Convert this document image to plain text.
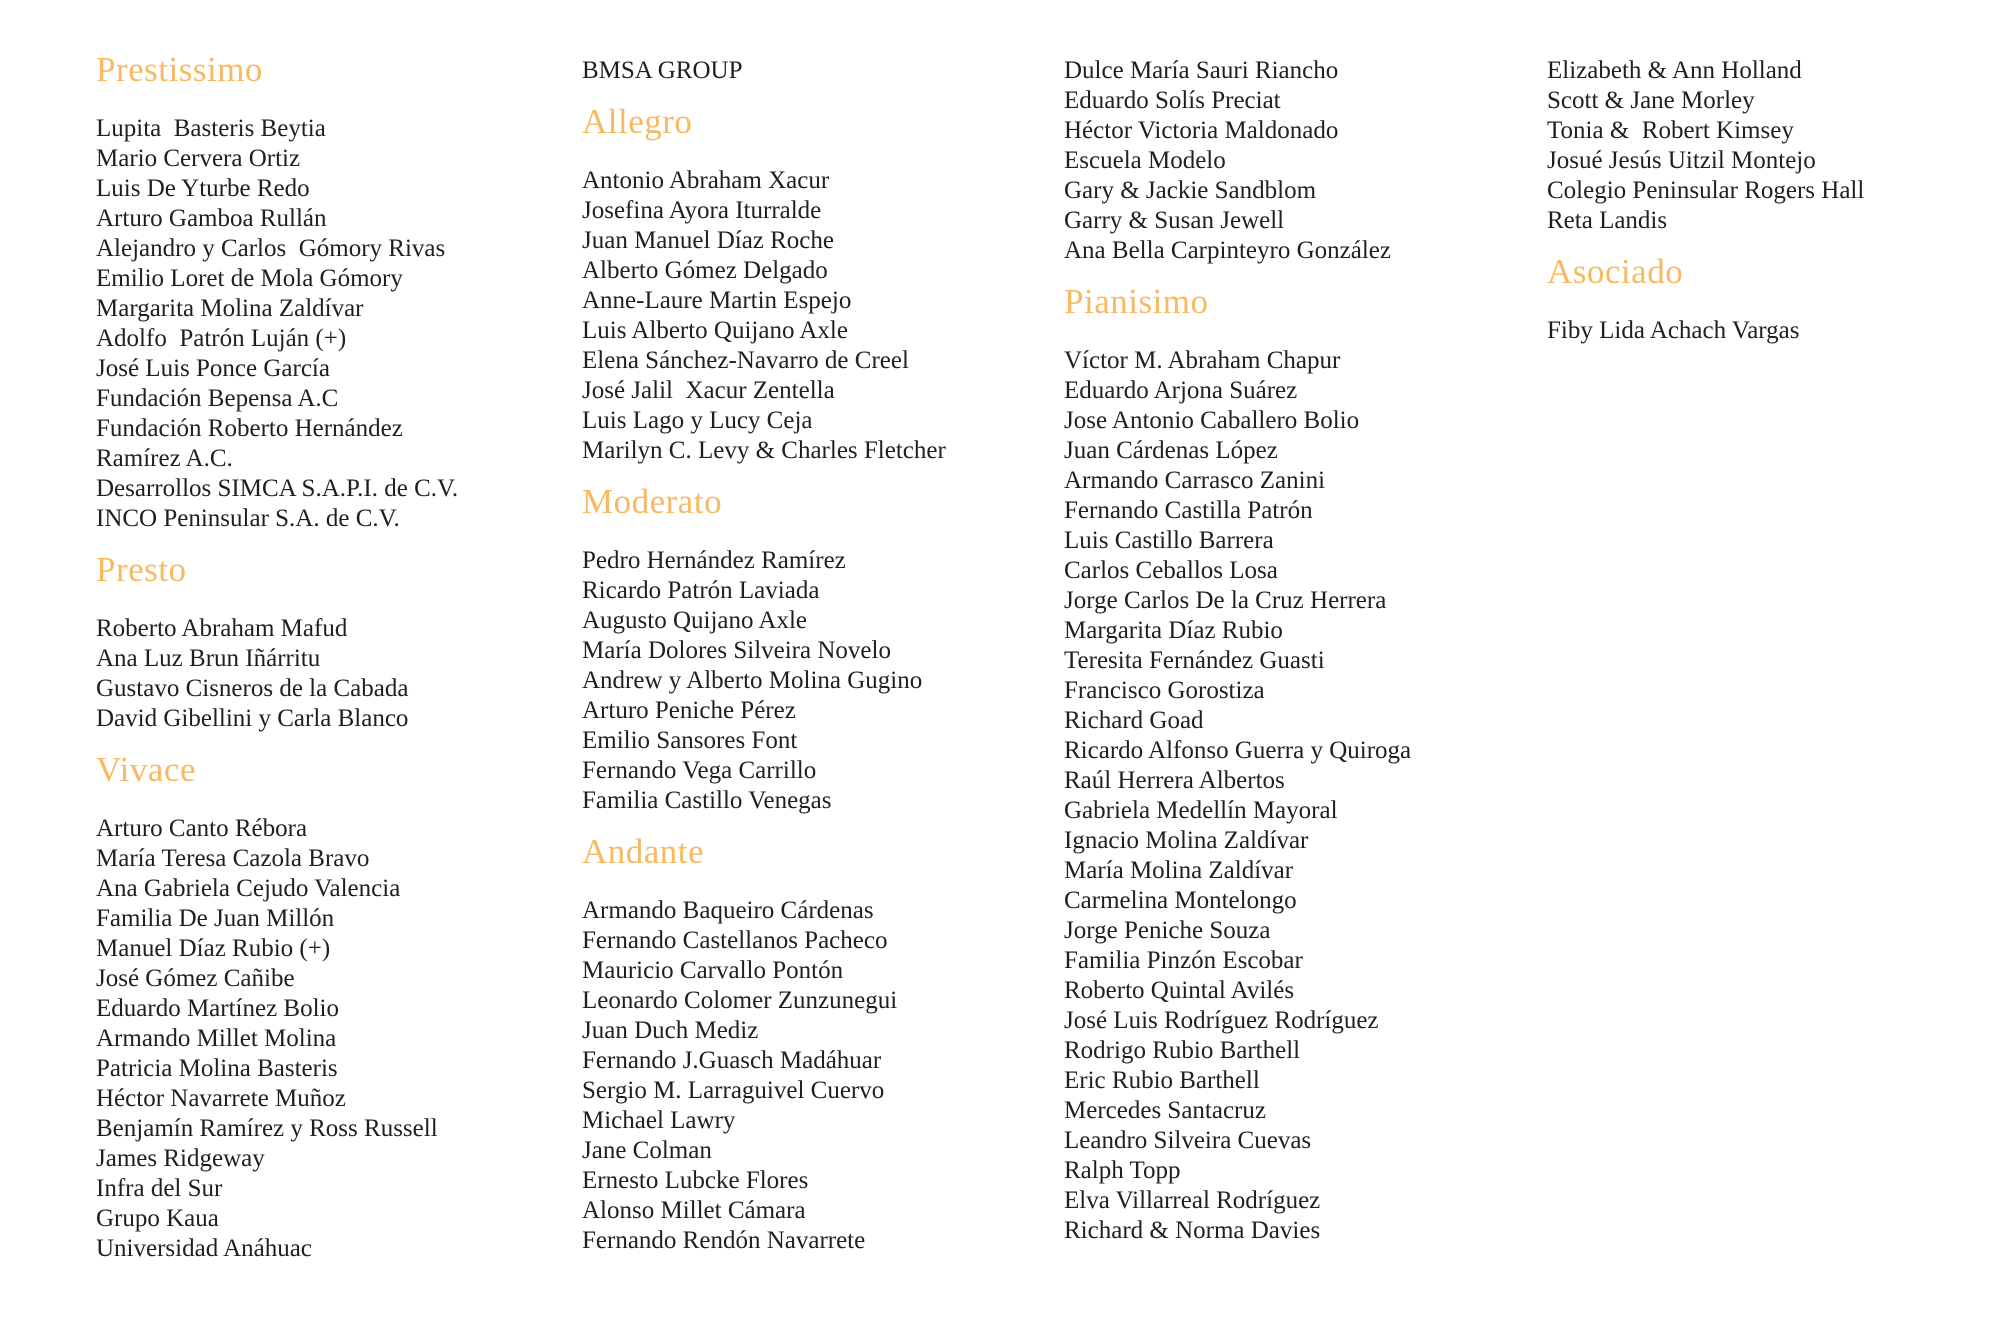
Prestissimo
Lupita  Basteris Beytia
Mario Cervera Ortiz
Luis De Yturbe Redo
Arturo Gamboa Rullán
Alejandro y Carlos  Gómory Rivas
Emilio Loret de Mola Gómory
Margarita Molina Zaldívar
Adolfo  Patrón Luján (+)
José Luis Ponce García
Fundación Bepensa A.C
Fundación Roberto Hernández
Ramírez A.C.
Desarrollos SIMCA S.A.P.I. de C.V.
INCO Peninsular S.A. de C.V.
Presto
Roberto Abraham Mafud
Ana Luz Brun Iñárritu
Gustavo Cisneros de la Cabada
David Gibellini y Carla Blanco
Vivace
Arturo Canto Rébora
María Teresa Cazola Bravo
Ana Gabriela Cejudo Valencia
Familia De Juan Millón
Manuel Díaz Rubio (+)
José Gómez Cañibe
Eduardo Martínez Bolio
Armando Millet Molina
Patricia Molina Basteris
Héctor Navarrete Muñoz
Benjamín Ramírez y Ross Russell
James Ridgeway
Infra del Sur
Grupo Kaua
Universidad Anáhuac
BMSA GROUP
Allegro
Antonio Abraham Xacur
Josefina Ayora Iturralde
Juan Manuel Díaz Roche
Alberto Gómez Delgado
Anne-Laure Martin Espejo
Luis Alberto Quijano Axle
Elena Sánchez-Navarro de Creel
José Jalil  Xacur Zentella
Luis Lago y Lucy Ceja
Marilyn C. Levy & Charles Fletcher
Moderato
Pedro Hernández Ramírez
Ricardo Patrón Laviada
Augusto Quijano Axle
María Dolores Silveira Novelo
Andrew y Alberto Molina Gugino
Arturo Peniche Pérez
Emilio Sansores Font
Fernando Vega Carrillo
Familia Castillo Venegas
Andante
Armando Baqueiro Cárdenas
Fernando Castellanos Pacheco
Mauricio Carvallo Pontón
Leonardo Colomer Zunzunegui
Juan Duch Mediz
Fernando J.Guasch Madáhuar
Sergio M. Larraguivel Cuervo
Michael Lawry
Jane Colman
Ernesto Lubcke Flores
Alonso Millet Cámara
Fernando Rendón Navarrete
Dulce María Sauri Riancho
Eduardo Solís Preciat
Héctor Victoria Maldonado
Escuela Modelo
Gary & Jackie Sandblom
Garry & Susan Jewell
Ana Bella Carpinteyro González
Pianisimo
Víctor M. Abraham Chapur
Eduardo Arjona Suárez
Jose Antonio Caballero Bolio
Juan Cárdenas López
Armando Carrasco Zanini
Fernando Castilla Patrón
Luis Castillo Barrera
Carlos Ceballos Losa
Jorge Carlos De la Cruz Herrera
Margarita Díaz Rubio
Teresita Fernández Guasti
Francisco Gorostiza
Richard Goad
Ricardo Alfonso Guerra y Quiroga
Raúl Herrera Albertos
Gabriela Medellín Mayoral
Ignacio Molina Zaldívar
María Molina Zaldívar
Carmelina Montelongo
Jorge Peniche Souza
Familia Pinzón Escobar
Roberto Quintal Avilés
José Luis Rodríguez Rodríguez
Rodrigo Rubio Barthell
Eric Rubio Barthell
Mercedes Santacruz
Leandro Silveira Cuevas
Ralph Topp
Elva Villarreal Rodríguez
Richard & Norma Davies
Elizabeth & Ann Holland
Scott & Jane Morley
Tonia &  Robert Kimsey
Josué Jesús Uitzil Montejo
Colegio Peninsular Rogers Hall
Reta Landis
Asociado
Fiby Lida Achach Vargas
